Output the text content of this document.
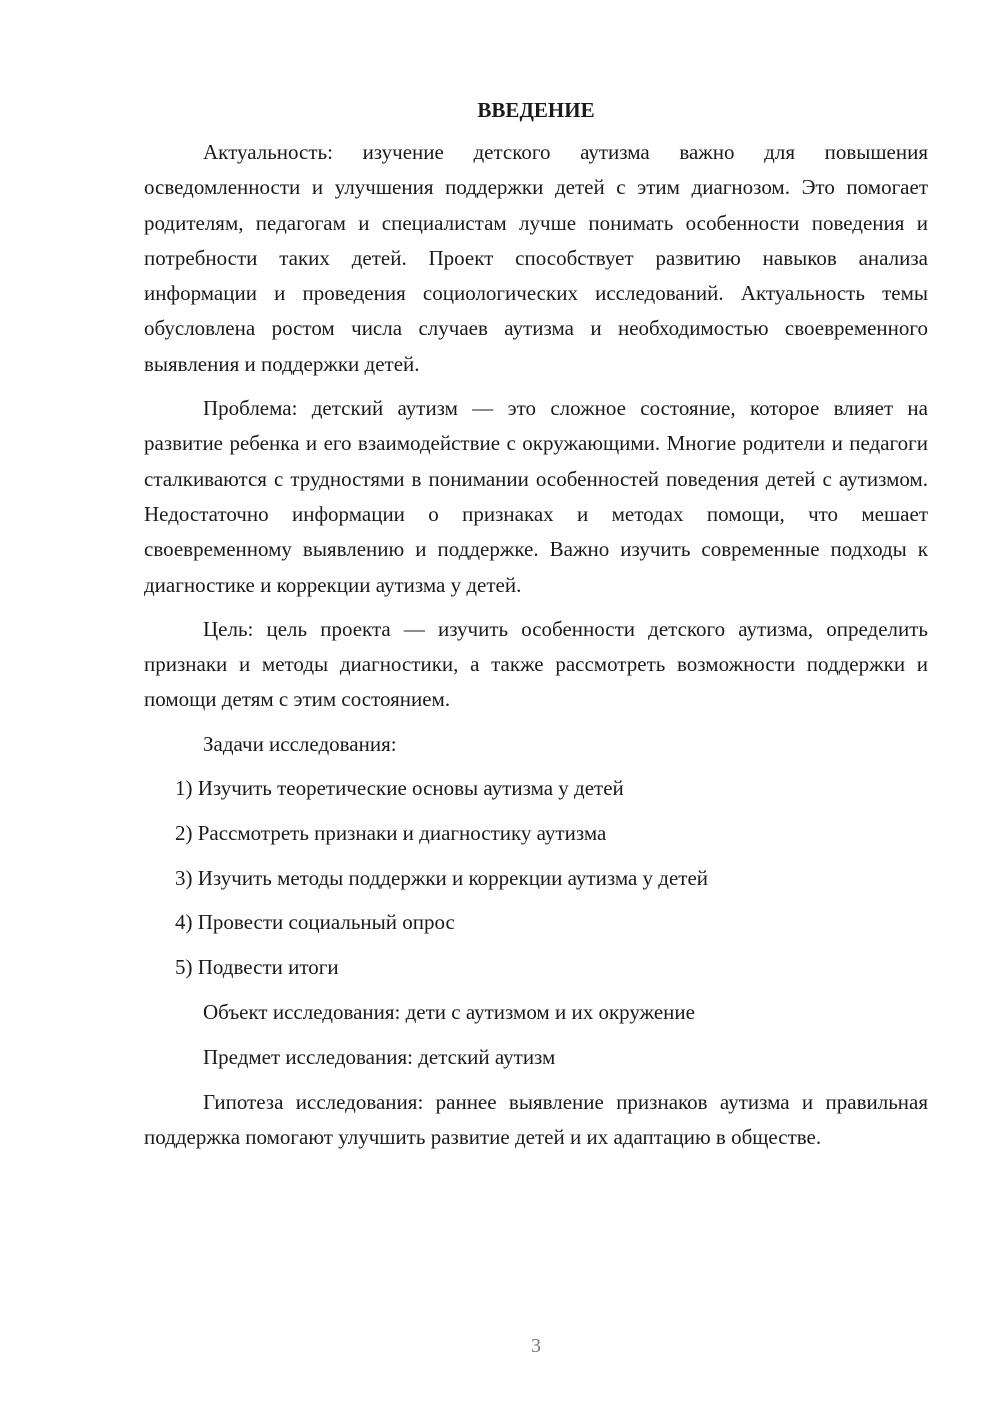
ВВЕДЕНИЕ

Актуальность: изучение детского аутизма важно для повышения осведомленности и улучшения поддержки детей с этим диагнозом. Это помогает родителям, педагогам и специалистам лучше понимать особенности поведения и потребности таких детей. Проект способствует развитию навыков анализа информации и проведения социологических исследований. Актуальность темы обусловлена ростом числа случаев аутизма и необходимостью своевременного выявления и поддержки детей.

Проблема: детский аутизм — это сложное состояние, которое влияет на развитие ребенка и его взаимодействие с окружающими. Многие родители и педагоги сталкиваются с трудностями в понимании особенностей поведения детей с аутизмом. Недостаточно информации о признаках и методах помощи, что мешает своевременному выявлению и поддержке. Важно изучить современные подходы к диагностике и коррекции аутизма у детей.

Цель: цель проекта — изучить особенности детского аутизма, определить признаки и методы диагностики, а также рассмотреть возможности поддержки и помощи детям с этим состоянием.

Задачи исследования:
1) Изучить теоретические основы аутизма у детей
2) Рассмотреть признаки и диагностику аутизма
3) Изучить методы поддержки и коррекции аутизма у детей
4) Провести социальный опрос
5) Подвести итоги
Объект исследования: дети с аутизмом и их окружение
Предмет исследования: детский аутизм

Гипотеза исследования: раннее выявление признаков аутизма и правильная поддержка помогают улучшить развитие детей и их адаптацию в обществе.

3
